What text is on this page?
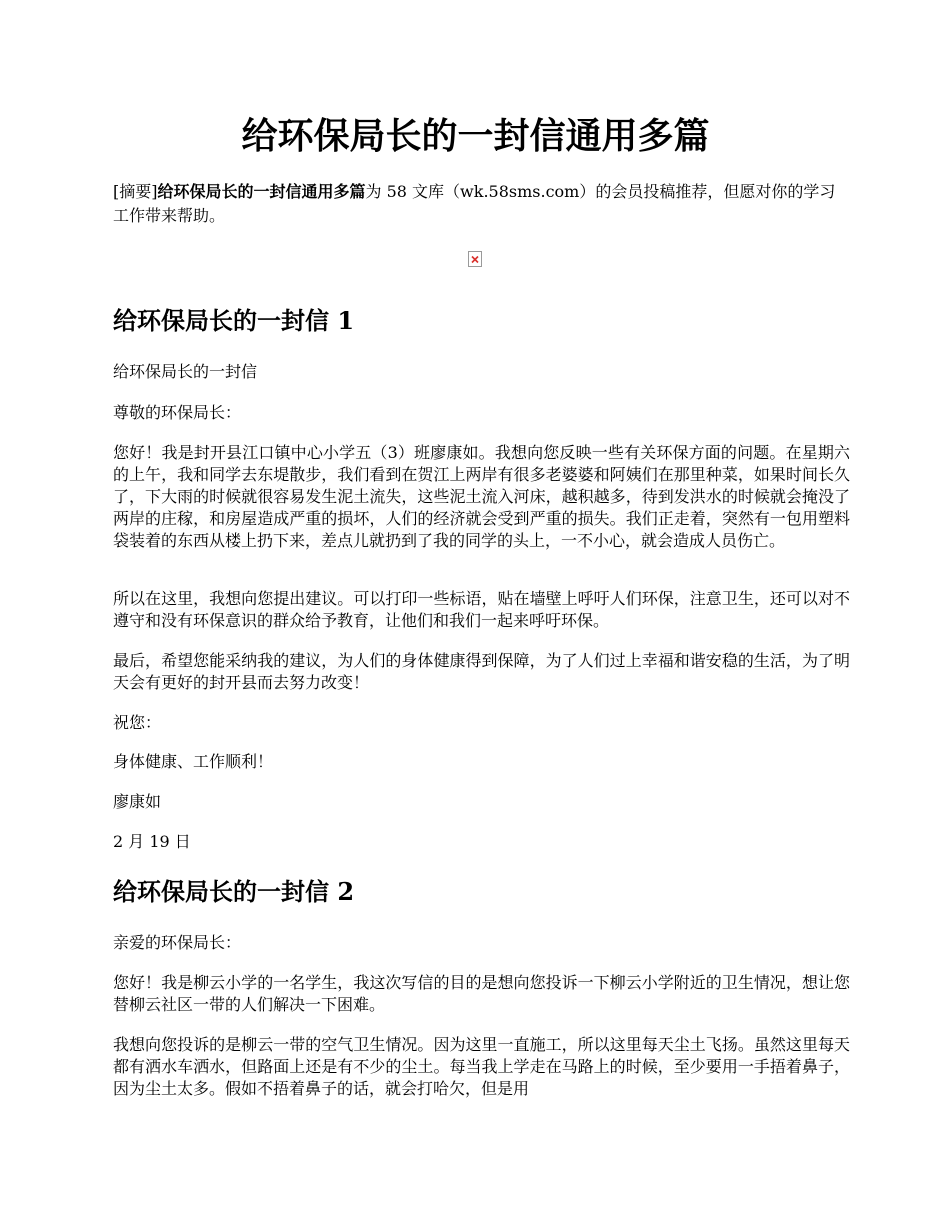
给环保局长的一封信通用多篇

[摘要]给环保局长的一封信通用多篇为 58 文库（wk.58sms.com）的会员投稿推荐，但愿对你的学习工作带来帮助。

给环保局长的一封信 1

给环保局长的一封信

尊敬的环保局长：

您好！我是封开县江口镇中心小学五（3）班廖康如。我想向您反映一些有关环保方面的问题。在星期六的上午，我和同学去东堤散步，我们看到在贺江上两岸有很多老婆婆和阿姨们在那里种菜，如果时间长久了，下大雨的时候就很容易发生泥土流失，这些泥土流入河床，越积越多，待到发洪水的时候就会掩没了两岸的庄稼，和房屋造成严重的损坏，人们的经济就会受到严重的损失。我们正走着，突然有一包用塑料袋装着的东西从楼上扔下来，差点儿就扔到了我的同学的头上，一不小心，就会造成人员伤亡。

所以在这里，我想向您提出建议。可以打印一些标语，贴在墙壁上呼吁人们环保，注意卫生，还可以对不遵守和没有环保意识的群众给予教育，让他们和我们一起来呼吁环保。

最后，希望您能采纳我的建议，为人们的身体健康得到保障，为了人们过上幸福和谐安稳的生活，为了明天会有更好的封开县而去努力改变！

祝您：

身体健康、工作顺利！

廖康如

2 月 19 日

给环保局长的一封信 2

亲爱的环保局长：

您好！我是柳云小学的一名学生，我这次写信的目的是想向您投诉一下柳云小学附近的卫生情况，想让您替柳云社区一带的人们解决一下困难。

我想向您投诉的是柳云一带的空气卫生情况。因为这里一直施工，所以这里每天尘土飞扬。虽然这里每天都有洒水车洒水，但路面上还是有不少的尘土。每当我上学走在马路上的时候，至少要用一手捂着鼻子，因为尘土太多。假如不捂着鼻子的话，就会打哈欠，但是用
